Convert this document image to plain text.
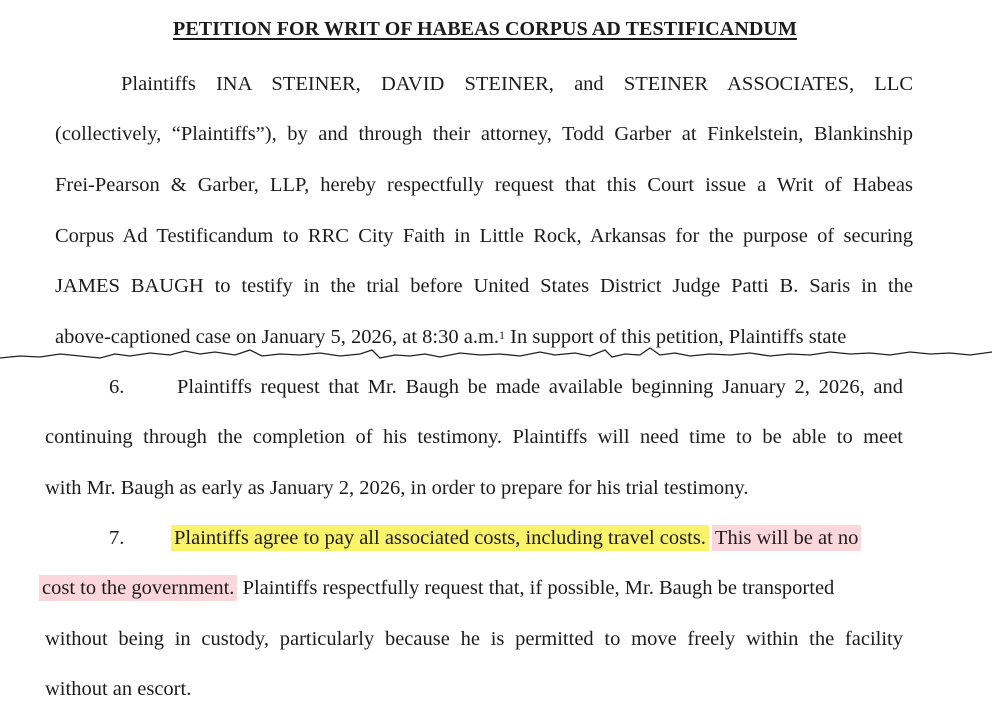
PETITION FOR WRIT OF HABEAS CORPUS AD TESTIFICANDUM
Plaintiffs INA STEINER, DAVID STEINER, and STEINER ASSOCIATES, LLC
(collectively, “Plaintiffs”), by and through their attorney, Todd Garber at Finkelstein, Blankinship
Frei-Pearson & Garber, LLP, hereby respectfully request that this Court issue a Writ of Habeas
Corpus Ad Testificandum to RRC City Faith in Little Rock, Arkansas for the purpose of securing
JAMES BAUGH to testify in the trial before United States District Judge Patti B. Saris in the
above-captioned case on January 5, 2026, at 8:30 a.m.$^1$ In support of this petition, Plaintiffs state
6.	Plaintiffs request that Mr. Baugh be made available beginning January 2, 2026, and
continuing through the completion of his testimony. Plaintiffs will need time to be able to meet
with Mr. Baugh as early as January 2, 2026, in order to prepare for his trial testimony.
7. Plaintiffs agree to pay all associated costs, including travel costs. This will be at no
cost to the government. Plaintiffs respectfully request that, if possible, Mr. Baugh be transported
without being in custody, particularly because he is permitted to move freely within the facility
without an escort.
